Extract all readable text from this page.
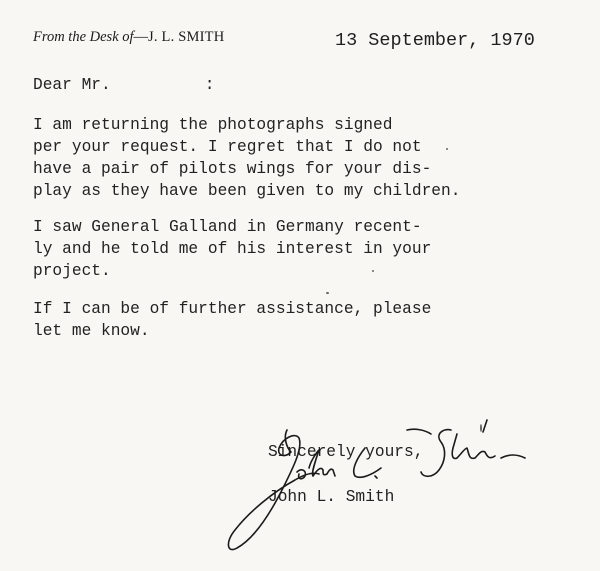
From the Desk of—J. L. SMITH	13 September, 1970

Dear Mr.	:

I am returning the photographs signed
per your request. I regret that I do not
have a pair of pilots wings for your dis-
play as they have been given to my children.

I saw General Galland in Germany recent-
ly and he told me of his interest in your
project.

If I can be of further assistance, please
let me know.

Sincerely yours,

John L. Smith
